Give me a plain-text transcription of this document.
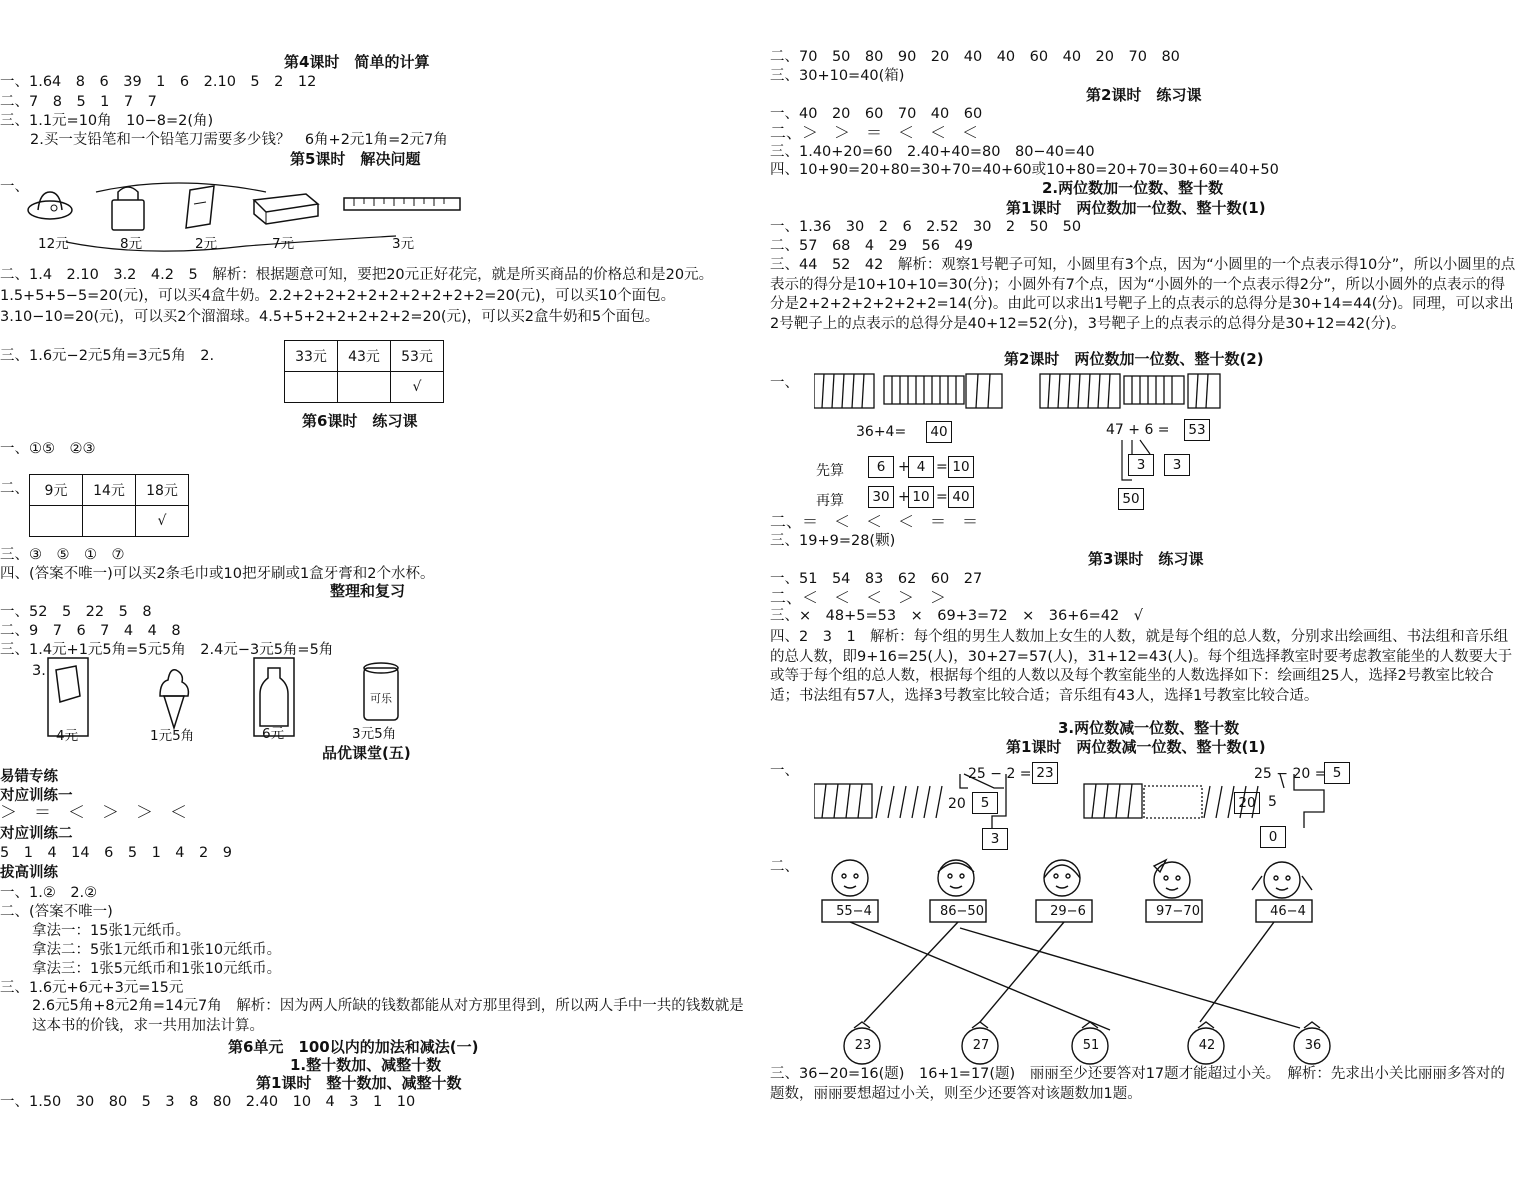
第4课时　简单的计算
一、1.64　8　6　39　1　6　2.10　5　2　12
二、7　8　5　1　7　7
三、1.1元=10角　10−8=2(角)
2.买一支铅笔和一个铅笔刀需要多少钱？　6角+2元1角=2元7角
第5课时　解决问题
一、
12元	8元	2元	7元	3元
二、1.4　2.10　3.2　4.2　5　解析：根据题意可知，要把20元正好花完，就是所买商品的价格总和是20元。1.5+5+5−5=20(元)，可以买4盒牛奶。2.2+2+2+2+2+2+2+2+2+2=20(元)，可以买10个面包。3.10−10=20(元)，可以买2个溜溜球。4.5+5+2+2+2+2+2=20(元)，可以买2盒牛奶和5个面包。
三、1.6元−2元5角=3元5角　2.	33元	43元	53元
		√
第6课时　练习课
一、①⑤　②③
二、 9元	14元	18元
		√
三、③　⑤　①　⑦
四、(答案不唯一)可以买2条毛巾或10把牙刷或1盒牙膏和2个水杯。
整理和复习
一、52　5　22　5　8
二、9　7　6　7　4　4　8
三、1.4元+1元5角=5元5角　2.4元−3元5角=5角
3.
可乐
4元	1元5角	6元	3元5角
品优课堂(五)
易错专练
对应训练一
＞　＝　＜　＞　＞　＜
对应训练二
5　1　4　14　6　5　1　4　2　9
拔高训练
一、1.②　2.②
二、(答案不唯一)
拿法一：15张1元纸币。
拿法二：5张1元纸币和1张10元纸币。
拿法三：1张5元纸币和1张10元纸币。
三、1.6元+6元+3元=15元
2.6元5角+8元2角=14元7角　解析：因为两人所缺的钱数都能从对方那里得到，所以两人手中一共的钱数就是这本书的价钱，求一共用加法计算。
第6单元　100以内的加法和减法(一)
1.整十数加、减整十数
第1课时　整十数加、减整十数
一、1.50　30　80　5　3　8　80　2.40　10　4　3　1　10
二、70　50　80　90　20　40　40　60　40　20　70　80
三、30+10=40(箱)
第2课时　练习课
一、40　20　60　70　40　60
二、＞　＞　＝　＜　＜　＜
三、1.40+20=60　2.40+40=80　80−40=40
四、10+90=20+80=30+70=40+60或10+80=20+70=30+60=40+50
2.两位数加一位数、整十数
第1课时　两位数加一位数、整十数(1)
一、1.36　30　2　6　2.52　30　2　50　50
二、57　68　4　29　56　49
三、44　52　42　解析：观察1号靶子可知，小圆里有3个点，因为“小圆里的一个点表示得10分”，所以小圆里的点表示的得分是10+10+10=30(分)；小圆外有7个点，因为“小圆外的一个点表示得2分”，所以小圆外的点表示的得分是2+2+2+2+2+2+2=14(分)。由此可以求出1号靶子上的点表示的总得分是30+14=44(分)。同理，可以求出2号靶子上的点表示的总得分是40+12=52(分)，3号靶子上的点表示的总得分是30+12=42(分)。
第2课时　两位数加一位数、整十数(2)
一、
36+4=	40
先算	6 + 4 = 10
再算	30 + 10 = 40
47 + 6 =	53
3	3
50
二、＝　＜　＜　＜　＝　＝
三、19+9=28(颗)
第3课时　练习课
一、51　54　83　62　60　27
二、＜　＜　＜　＞　＞
三、×　48+5=53　×　69+3=72　×　36+6=42　√
四、2　3　1　解析：每个组的男生人数加上女生的人数，就是每个组的总人数，分别求出绘画组、书法组和音乐组的总人数，即9+16=25(人)，30+27=57(人)，31+12=43(人)。每个组选择教室时要考虑教室能坐的人数要大于或等于每个组的总人数，根据每个组的人数以及每个教室能坐的人数选择如下：绘画组25人，选择2号教室比较合适；书法组有57人，选择3号教室比较合适；音乐组有43人，选择1号教室比较合适。
3.两位数减一位数、整十数
第1课时　两位数减一位数、整十数(1)
一、	25 − 2 = 23
20	5
3
25 − 20 = 5
20 5
0
二、
55−4	86−50	29−6	97−70	46−4
23	27	51	42	36
三、36−20=16(题)　16+1=17(题)　丽丽至少还要答对17题才能超过小关。　解析：先求出小关比丽丽多答对的题数，丽丽要想超过小关，则至少还要答对该题数加1题。
